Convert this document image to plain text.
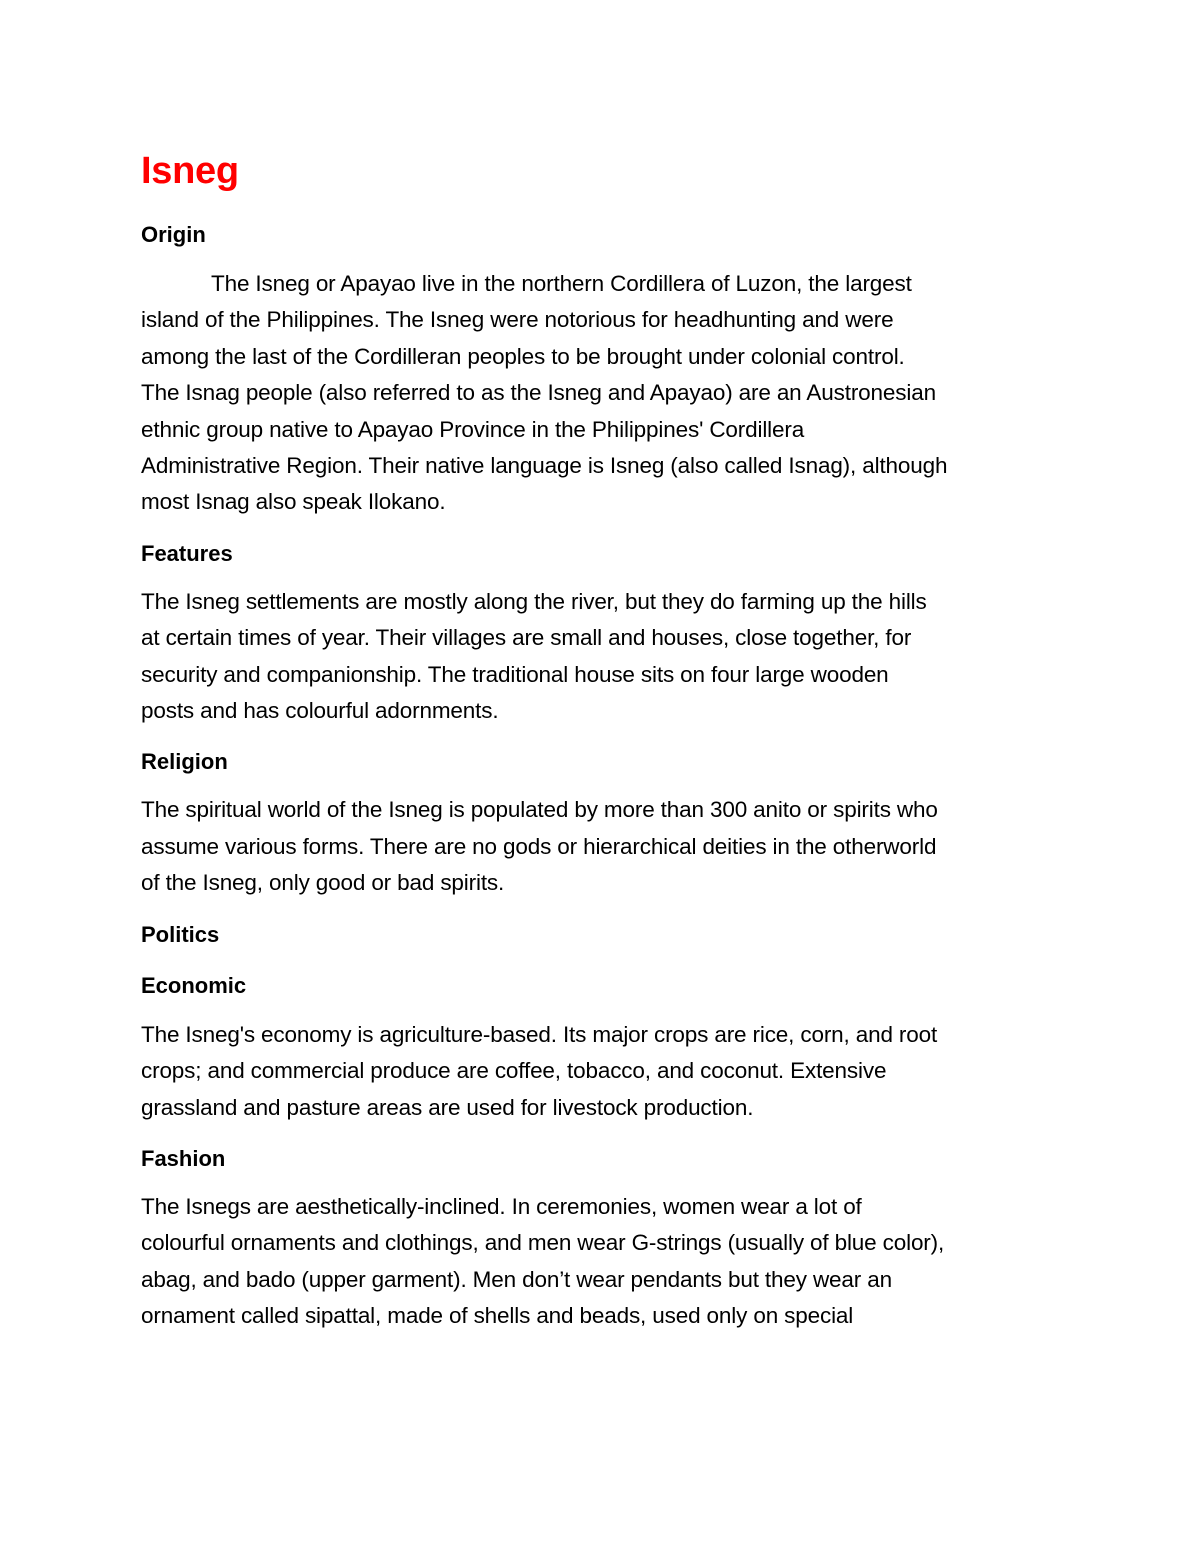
Isneg
Origin

The Isneg or Apayao live in the northern Cordillera of Luzon, the largest
island of the Philippines. The Isneg were notorious for headhunting and were
among the last of the Cordilleran peoples to be brought under colonial control.
The Isnag people (also referred to as the Isneg and Apayao) are an Austronesian
ethnic group native to Apayao Province in the Philippines' Cordillera
Administrative Region. Their native language is Isneg (also called Isnag), although
most Isnag also speak Ilokano.

Features

The Isneg settlements are mostly along the river, but they do farming up the hills
at certain times of year. Their villages are small and houses, close together, for
security and companionship. The traditional house sits on four large wooden
posts and has colourful adornments.

Religion

The spiritual world of the Isneg is populated by more than 300 anito or spirits who
assume various forms. There are no gods or hierarchical deities in the otherworld
of the Isneg, only good or bad spirits.

Politics
Economic

The Isneg's economy is agriculture-based. Its major crops are rice, corn, and root
crops; and commercial produce are coffee, tobacco, and coconut. Extensive
grassland and pasture areas are used for livestock production.

Fashion

The Isnegs are aesthetically-inclined. In ceremonies, women wear a lot of
colourful ornaments and clothings, and men wear G-strings (usually of blue color),
abag, and bado (upper garment). Men don’t wear pendants but they wear an
ornament called sipattal, made of shells and beads, used only on special
